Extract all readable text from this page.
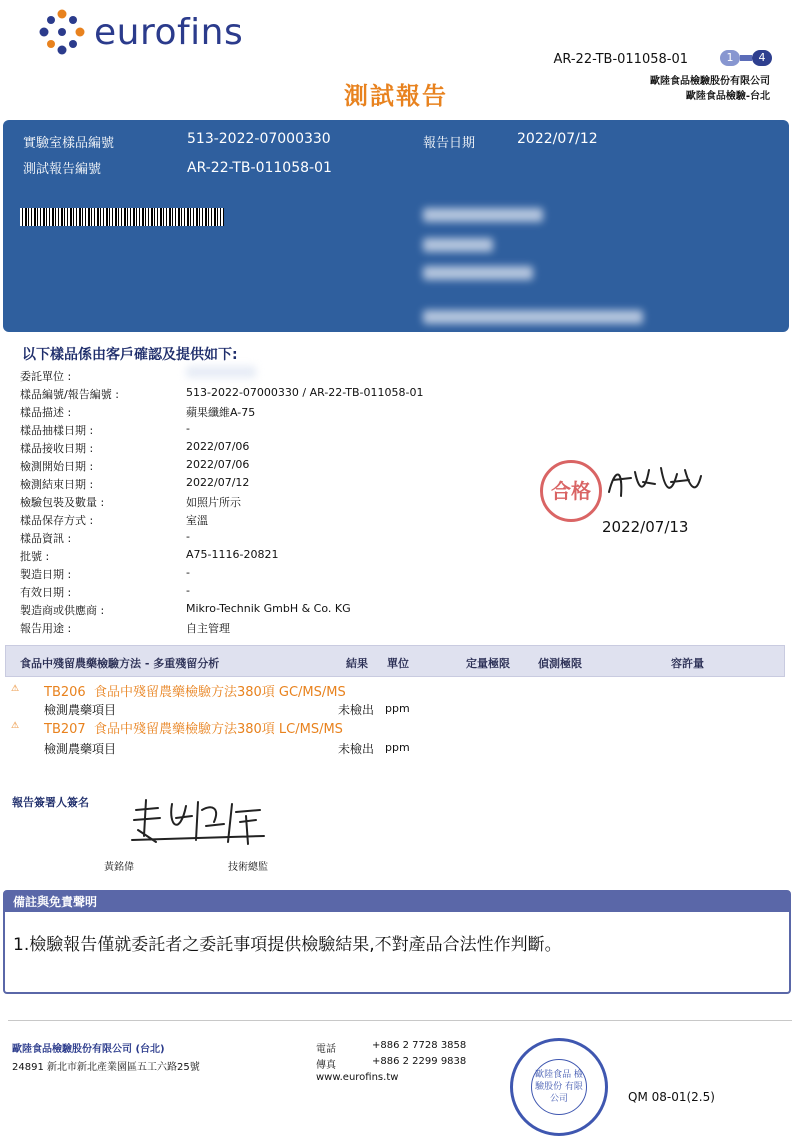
eurofins
AR-22-TB-011058-01	1	4
歐陸食品檢驗股份有限公司
歐陸食品檢驗-台北
測試報告
實驗室樣品編號	513-2022-07000330
測試報告編號	AR-22-TB-011058-01
報告日期	2022/07/12
以下樣品係由客戶確認及提供如下:
委託單位 :
樣品編號/報告編號 :	513-2022-07000330 / AR-22-TB-011058-01
樣品描述 :	蘋果纖維A-75
樣品抽樣日期 :	-
樣品接收日期 :	2022/07/06
檢測開始日期 :	2022/07/06
檢測結束日期 :	2022/07/12
檢驗包裝及數量 :	如照片所示
樣品保存方式 :	室溫
樣品資訊 :	-
批號 :	A75-1116-20821
製造日期 :	-
有效日期 :	-
製造商或供應商 :	Mikro-Technik GmbH & Co. KG
報告用途 :	自主管理
合格
2022/07/13
食品中殘留農藥檢驗方法 - 多重殘留分析	結果 單位	定量極限	偵測極限	容許量
⚠ TB206 食品中殘留農藥檢驗方法380項 GC/MS/MS
檢測農藥項目	未檢出 ppm
⚠ TB207 食品中殘留農藥檢驗方法380項 LC/MS/MS
檢測農藥項目	未檢出 ppm
報告簽署人簽名
黃銘偉	技術總監
備註與免責聲明
1.檢驗報告僅就委託者之委託事項提供檢驗結果,不對產品合法性作判斷。
歐陸食品檢驗股份有限公司 (台北)
24891 新北市新北產業園區五工六路25號
電話	+886 2 7728 3858
傳真	+886 2 2299 9838
www.eurofins.tw	歐陸食品 檢驗股份 有限公司	QM 08-01(2.5)
